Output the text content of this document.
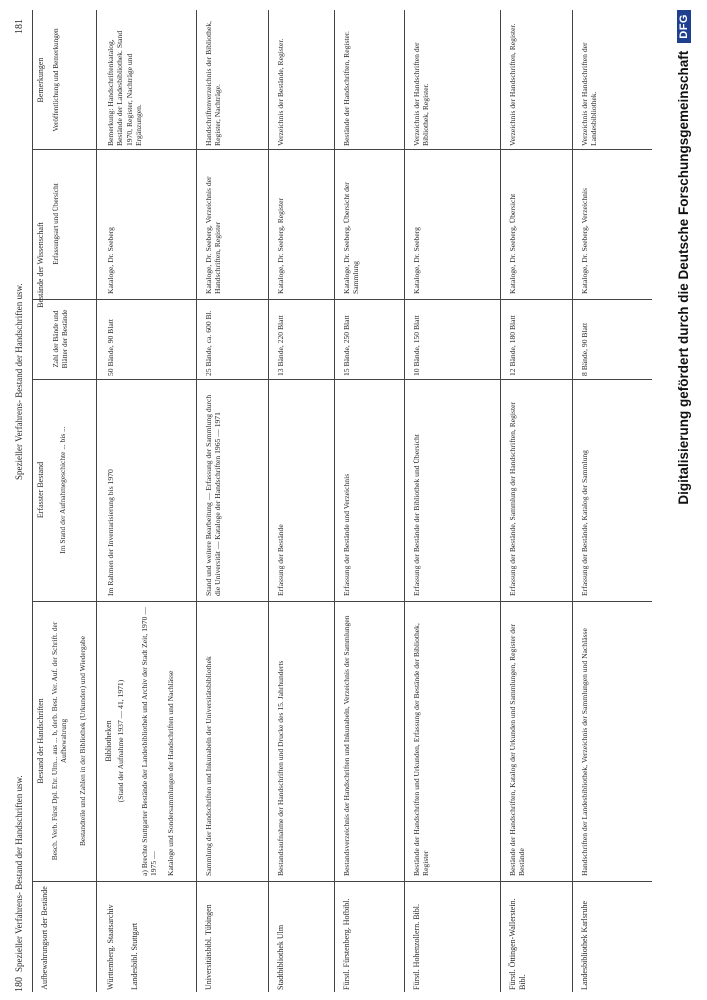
180
Spezieller Verfahrens- Bestand der Handschriften usw.
Spezieller Verfahrens- Bestand der Handschriften usw.
181
Aufbewahrungsort der Bestände
Bestand der Handschriften Besch. Verb. Fürst Dpl. Ehr. Ulm... aus ... b, derb. Best. Ver. Auf. der Schrift. der Aufbewahrung Bestandteile und Zahlen in der Bibliothek (Urkunden) und Wiedergabe
Erfasster Bestand Im Stand der Aufnahmegeschichte ... bis ...
Bestände der Wissenschaft
Zahl der Bände und Blätter der Bestände
Erfassungsart und Übersicht
Bemerkungen Veröffentlichung und Bemerkungen
Bibliotheken (Stand der Aufnahme 1937 — 41, 1971)
Württemberg. Staatsarchiv Landesbibl. Stuttgart
a) Brechte Stuttgarter Bestände der Landesbibliothek und Archiv der Stadt Zeit, 1970 — 1975 — Kataloge und Sondersammlungen der Handschriften und Nachlässe
Im Rahmen der Inventarisierung bis 1970
50 Bände, 90 Blatt
Kataloge, Dr. Seeberg
Bemerkung: Handschriftenkatalog, Bestände der Landesbibliothek. Stand 1970, Register, Nachträge und Ergänzungen.
Universitätsbibl. Tübingen
Sammlung der Handschriften und Inkunabeln der Universitätsbibliothek
Stand und weitere Bearbeitung — Erfassung der Sammlung durch die Universität — Kataloge der Handschriften 1965 — 1971
25 Bände, ca. 600 Bl.
Kataloge, Dr. Seeberg, Verzeichnis der Handschriften, Register
Handschriftenverzeichnis der Bibliothek, Register, Nachträge.
Stadtbibliothek Ulm
Bestandsaufnahme der Handschriften und Drucke des 15. Jahrhunderts
Erfassung der Bestände
13 Bände, 220 Blatt
Kataloge, Dr. Seeberg, Register
Verzeichnis der Bestände, Register.
Fürstl. Fürstenberg. Hofbibl.
Bestandsverzeichnis der Handschriften und Inkunabeln, Verzeichnis der Sammlungen
Erfassung der Bestände und Verzeichnis
15 Bände, 250 Blatt
Kataloge, Dr. Seeberg, Übersicht der Sammlung
Bestände der Handschriften, Register.
Fürstl. Hohenzollern. Bibl.
Bestände der Handschriften und Urkunden, Erfassung der Bestände der Bibliothek, Register
Erfassung der Bestände der Bibliothek und Übersicht
10 Bände, 150 Blatt
Kataloge, Dr. Seeberg
Verzeichnis der Handschriften der Bibliothek, Register.
Fürstl. Öttingen-Wallerstein. Bibl.
Bestände der Handschriften, Katalog der Urkunden und Sammlungen, Register der Bestände
Erfassung der Bestände, Sammlung der Handschriften, Register
12 Bände, 180 Blatt
Kataloge, Dr. Seeberg, Übersicht
Verzeichnis der Handschriften, Register.
Landesbibliothek Karlsruhe
Handschriften der Landesbibliothek, Verzeichnis der Sammlungen und Nachlässe
Erfassung der Bestände, Katalog der Sammlung
8 Bände, 90 Blatt
Kataloge, Dr. Seeberg, Verzeichnis
Verzeichnis der Handschriften der Landesbibliothek.	Digitalisierung gefördert durch die Deutsche Forschungsgemeinschaft
DFG
